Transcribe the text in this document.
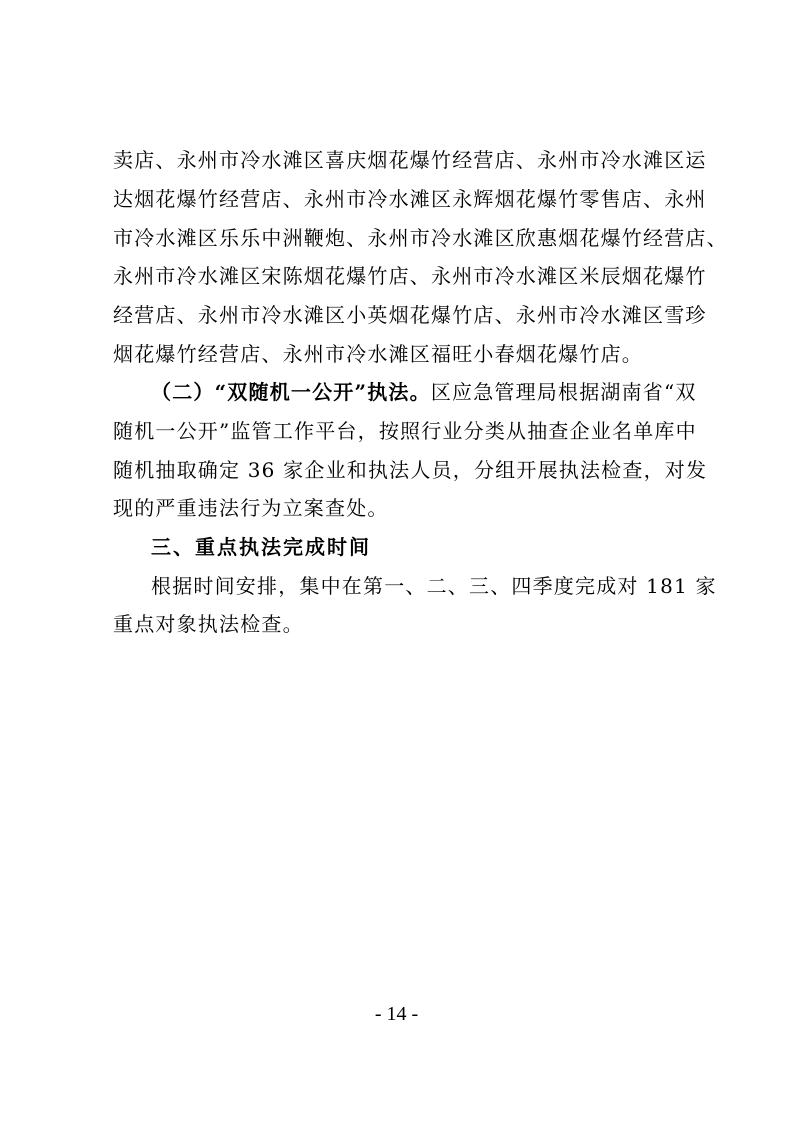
卖店、永州市冷水滩区喜庆烟花爆竹经营店、永州市冷水滩区运
达烟花爆竹经营店、永州市冷水滩区永辉烟花爆竹零售店、永州
市冷水滩区乐乐中洲鞭炮、永州市冷水滩区欣惠烟花爆竹经营店、
永州市冷水滩区宋陈烟花爆竹店、永州市冷水滩区米辰烟花爆竹
经营店、永州市冷水滩区小英烟花爆竹店、永州市冷水滩区雪珍
烟花爆竹经营店、永州市冷水滩区福旺小春烟花爆竹店。
（二）“双随机一公开”执法。区应急管理局根据湖南省“双
随机一公开”监管工作平台，按照行业分类从抽查企业名单库中
随机抽取确定 36 家企业和执法人员，分组开展执法检查，对发
现的严重违法行为立案查处。
三、重点执法完成时间
根据时间安排，集中在第一、二、三、四季度完成对 181 家
重点对象执法检查。
- 14 -
